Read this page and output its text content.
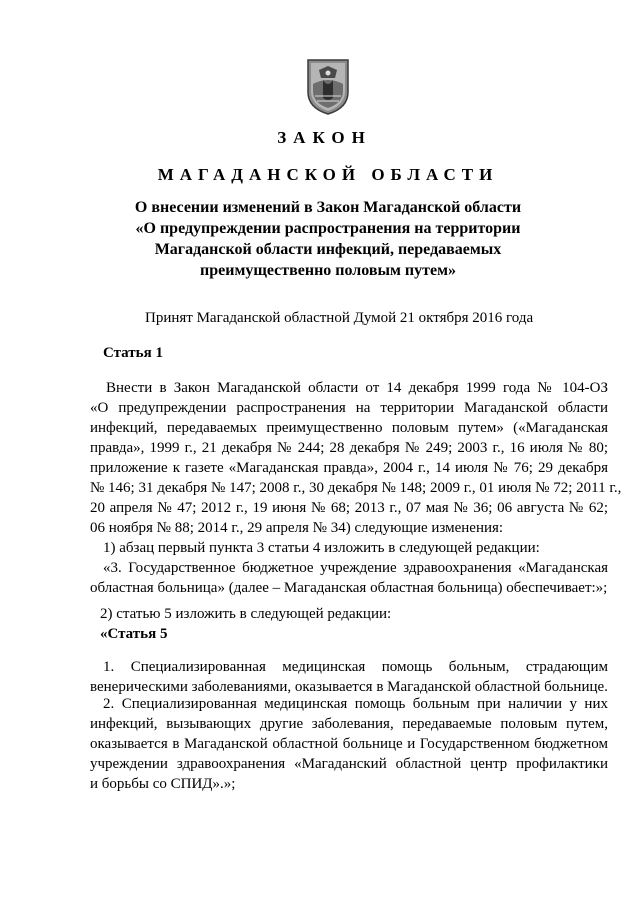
ЗАКОН
МАГАДАНСКОЙ ОБЛАСТИ
О внесении изменений в Закон Магаданской области
«О предупреждении распространения на территории
Магаданской области инфекций, передаваемых
преимущественно половым путем»
Принят Магаданской областной Думой 21 октября 2016 года
Статья 1
Внести в Закон Магаданской области от 14 декабря 1999 года № 104-ОЗ
«О предупреждении распространения на территории Магаданской области
инфекций, передаваемых преимущественно половым путем» («Магаданская
правда», 1999 г., 21 декабря № 244; 28 декабря № 249; 2003 г., 16 июля № 80;
приложение к газете «Магаданская правда», 2004 г., 14 июля № 76; 29 декабря
№ 146; 31 декабря № 147; 2008 г., 30 декабря № 148; 2009 г., 01 июля № 72; 2011 г.,
20 апреля № 47; 2012 г., 19 июня № 68; 2013 г., 07 мая № 36; 06 августа № 62;
06 ноября № 88; 2014 г., 29 апреля № 34) следующие изменения:
1) абзац первый пункта 3 статьи 4 изложить в следующей редакции:
«3. Государственное бюджетное учреждение здравоохранения «Магаданская
областная больница» (далее – Магаданская областная больница) обеспечивает:»;
2) статью 5 изложить в следующей редакции:
«Статья 5
1. Специализированная медицинская помощь больным, страдающим
венерическими заболеваниями, оказывается в Магаданской областной больнице.
2. Специализированная медицинская помощь больным при наличии у них
инфекций, вызывающих другие заболевания, передаваемые половым путем,
оказывается в Магаданской областной больнице и Государственном бюджетном
учреждении здравоохранения «Магаданский областной центр профилактики
и борьбы со СПИД».»;
